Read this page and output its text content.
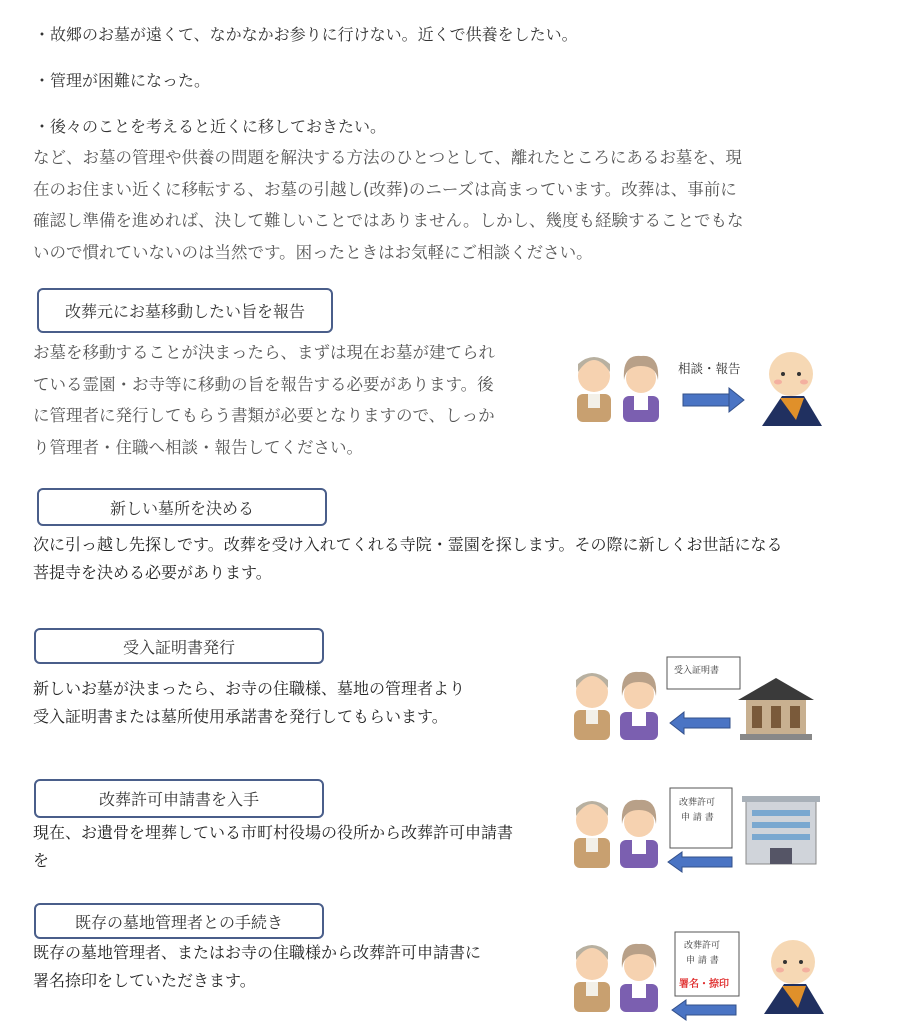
・故郷のお墓が遠くて、なかなかお参りに行けない。近くで供養をしたい。
・管理が困難になった。
・後々のことを考えると近くに移しておきたい。
など、お墓の管理や供養の問題を解決する方法のひとつとして、離れたところにあるお墓を、現
在のお住まい近くに移転する、お墓の引越し(改葬)のニーズは高まっています。改葬は、事前に
確認し準備を進めれば、決して難しいことではありません。しかし、幾度も経験することでもな
いので慣れていないのは当然です。困ったときはお気軽にご相談ください。
改葬元にお墓移動したい旨を報告
お墓を移動することが決まったら、まずは現在お墓が建てられ
ている霊園・お寺等に移動の旨を報告する必要があります。後
に管理者に発行してもらう書類が必要となりますので、しっか
り管理者・住職へ相談・報告してください。
相談・報告
新しい墓所を決める
次に引っ越し先探しです。改葬を受け入れてくれる寺院・霊園を探します。その際に新しくお世話になる
菩提寺を決める必要があります。
受入証明書発行
新しいお墓が決まったら、お寺の住職様、墓地の管理者より
受入証明書または墓所使用承諾書を発行してもらいます。
受入証明書
改葬許可申請書を入手
現在、お遺骨を埋葬している市町村役場の役所から改葬許可申請書
を
改葬許可
申 請 書
既存の墓地管理者との手続き
既存の墓地管理者、またはお寺の住職様から改葬許可申請書に
署名捺印をしていただきます。
改葬許可
申 請 書
署名・捺印
